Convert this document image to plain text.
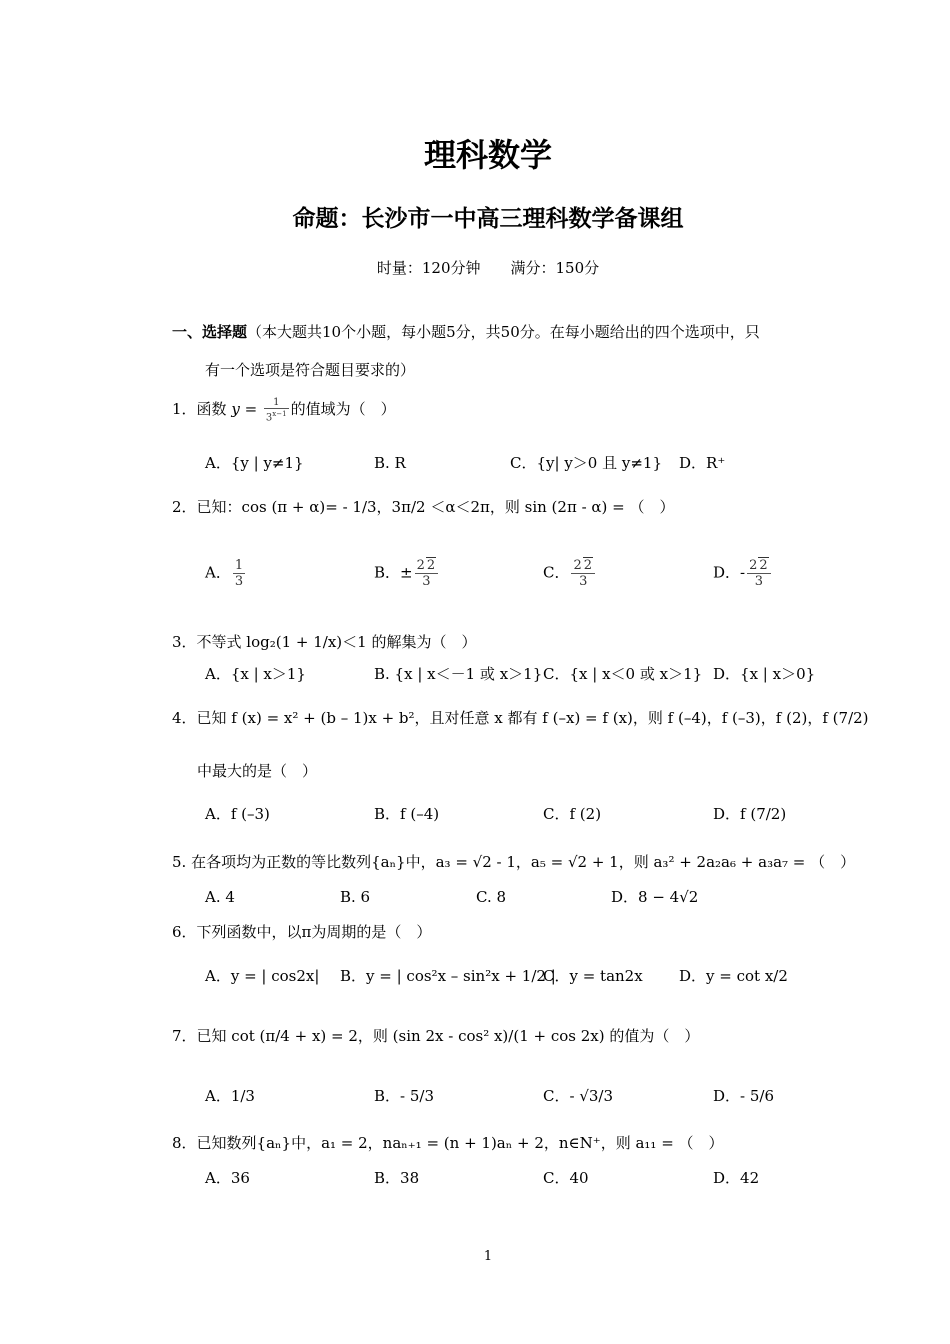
理科数学
命题：长沙市一中高三理科数学备课组
时量：120分钟　　满分：150分
一、选择题（本大题共10个小题，每小题5分，共50分。在每小题给出的四个选项中，只
有一个选项是符合题目要求的）
1．函数 $y = \frac{1}{3^{x-1}}$ 的值域为（　）
A．{y | y≠1}	B. R	C．{y| y＞0 且 y≠1} D．R⁺
2．已知：cos (π + α)= - 1/3，3π/2 ＜α＜2π，则 sin (2π - α) = （　）
A． $\frac{1}{3}$	B．± $\frac{2 2}{3}$	C． $\frac{2 2}{3}$	D．- $\frac{2 2}{3}$
3．不等式 log₂(1 + 1/x)＜1 的解集为（　）
A．{x | x＞1}	B. {x | x＜－1 或 x＞1} C．{x | x＜0 或 x＞1} D．{x | x＞0}
4．已知 f (x) = x² + (b – 1)x + b²，且对任意 x 都有 f (–x) = f (x)，则 f (–4)，f (–3)，f (2)，f (7/2)
中最大的是（　）
A．f (–3)	B．f (–4)	C．f (2)	D．f (7/2)
5. 在各项均为正数的等比数列{aₙ}中，a₃ = √2 - 1，a₅ = √2 + 1，则 a₃² + 2a₂a₆ + a₃a₇ = （　）
A. 4	B. 6	C. 8	D．8 − 4√2
6．下列函数中，以π为周期的是（　）
A．y = | cos2x| B．y = | cos²x – sin²x + 1/2 |
C．y = tan2x D．y = cot x/2
7．已知 cot (π/4 + x) = 2，则 (sin 2x - cos² x)/(1 + cos 2x) 的值为（　）
A．1/3	B．- 5/3	C．- √3/3	D．- 5/6
8．已知数列{aₙ}中，a₁ = 2，naₙ₊₁ = (n + 1)aₙ + 2，n∈N⁺，则 a₁₁ = （　）
A．36	B．38	C．40	D．42
1
